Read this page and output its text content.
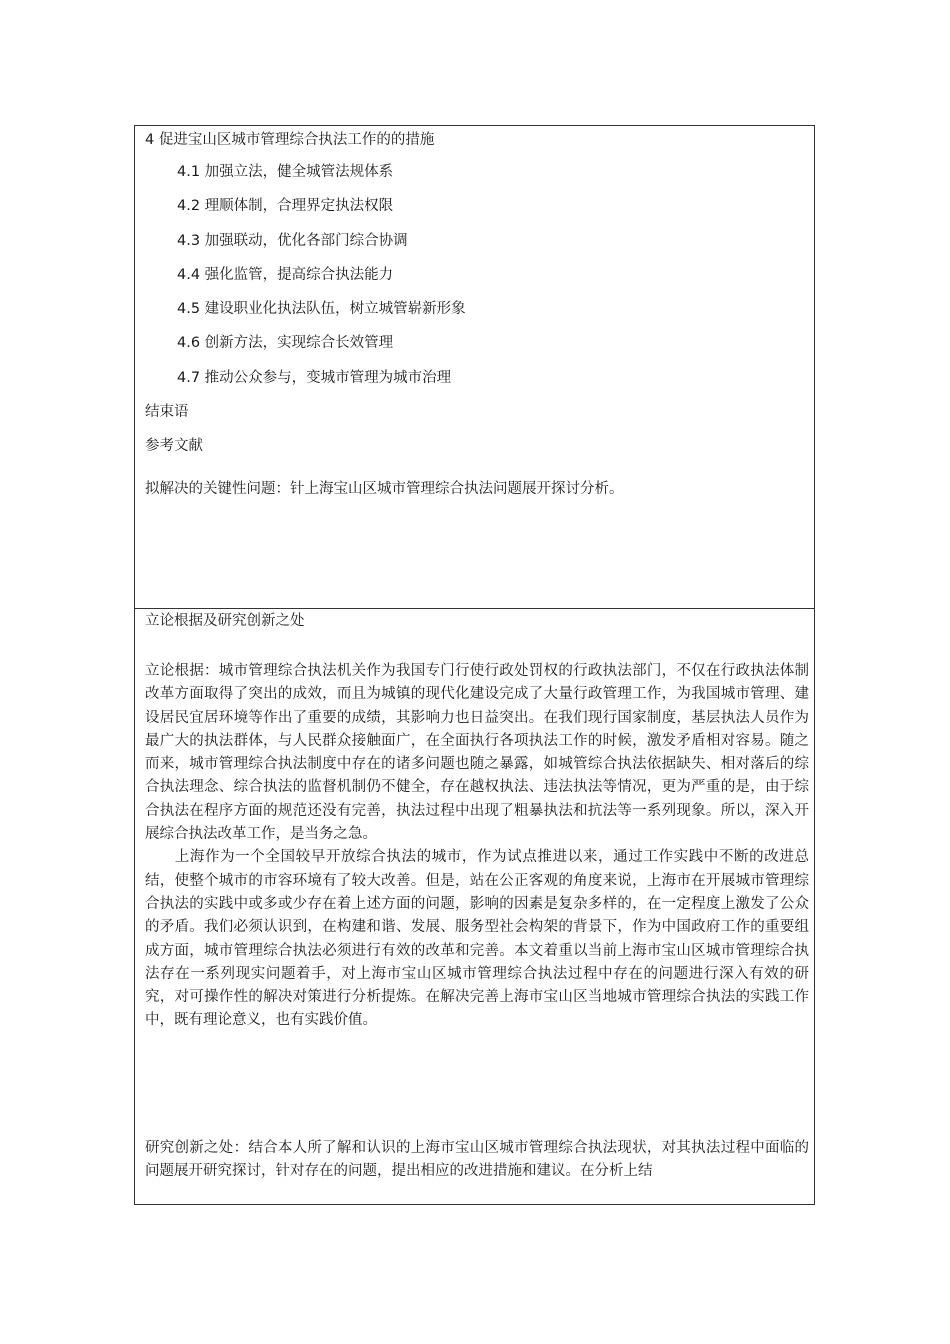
4 促进宝山区城市管理综合执法工作的的措施
4.1 加强立法，健全城管法规体系
4.2 理顺体制，合理界定执法权限
4.3 加强联动，优化各部门综合协调
4.4 强化监管，提高综合执法能力
4.5 建设职业化执法队伍，树立城管崭新形象
4.6 创新方法，实现综合长效管理
4.7 推动公众参与，变城市管理为城市治理
结束语
参考文献
拟解决的关键性问题：针上海宝山区城市管理综合执法问题展开探讨分析。
立论根据及研究创新之处

立论根据：城市管理综合执法机关作为我国专门行使行政处罚权的行政执法部门，不仅在行政执法体制改革方面取得了突出的成效，而且为城镇的现代化建设完成了大量行政管理工作，为我国城市管理、建设居民宜居环境等作出了重要的成绩，其影响力也日益突出。在我们现行国家制度，基层执法人员作为最广大的执法群体，与人民群众接触面广，在全面执行各项执法工作的时候，激发矛盾相对容易。随之而来，城市管理综合执法制度中存在的诸多问题也随之暴露，如城管综合执法依据缺失、相对落后的综合执法理念、综合执法的监督机制仍不健全，存在越权执法、违法执法等情况，更为严重的是，由于综合执法在程序方面的规范还没有完善，执法过程中出现了粗暴执法和抗法等一系列现象。所以，深入开展综合执法改革工作，是当务之急。

上海作为一个全国较早开放综合执法的城市，作为试点推进以来，通过工作实践中不断的改进总结，使整个城市的市容环境有了较大改善。但是，站在公正客观的角度来说，上海市在开展城市管理综合执法的实践中或多或少存在着上述方面的问题，影响的因素是复杂多样的，在一定程度上激发了公众的矛盾。我们必须认识到，在构建和谐、发展、服务型社会构架的背景下，作为中国政府工作的重要组成方面，城市管理综合执法必须进行有效的改革和完善。本文着重以当前上海市宝山区城市管理综合执法存在一系列现实问题着手，对上海市宝山区城市管理综合执法过程中存在的问题进行深入有效的研究，对可操作性的解决对策进行分析提炼。在解决完善上海市宝山区当地城市管理综合执法的实践工作中，既有理论意义，也有实践价值。

研究创新之处：结合本人所了解和认识的上海市宝山区城市管理综合执法现状，对其执法过程中面临的问题展开研究探讨，针对存在的问题，提出相应的改进措施和建议。在分析上结
